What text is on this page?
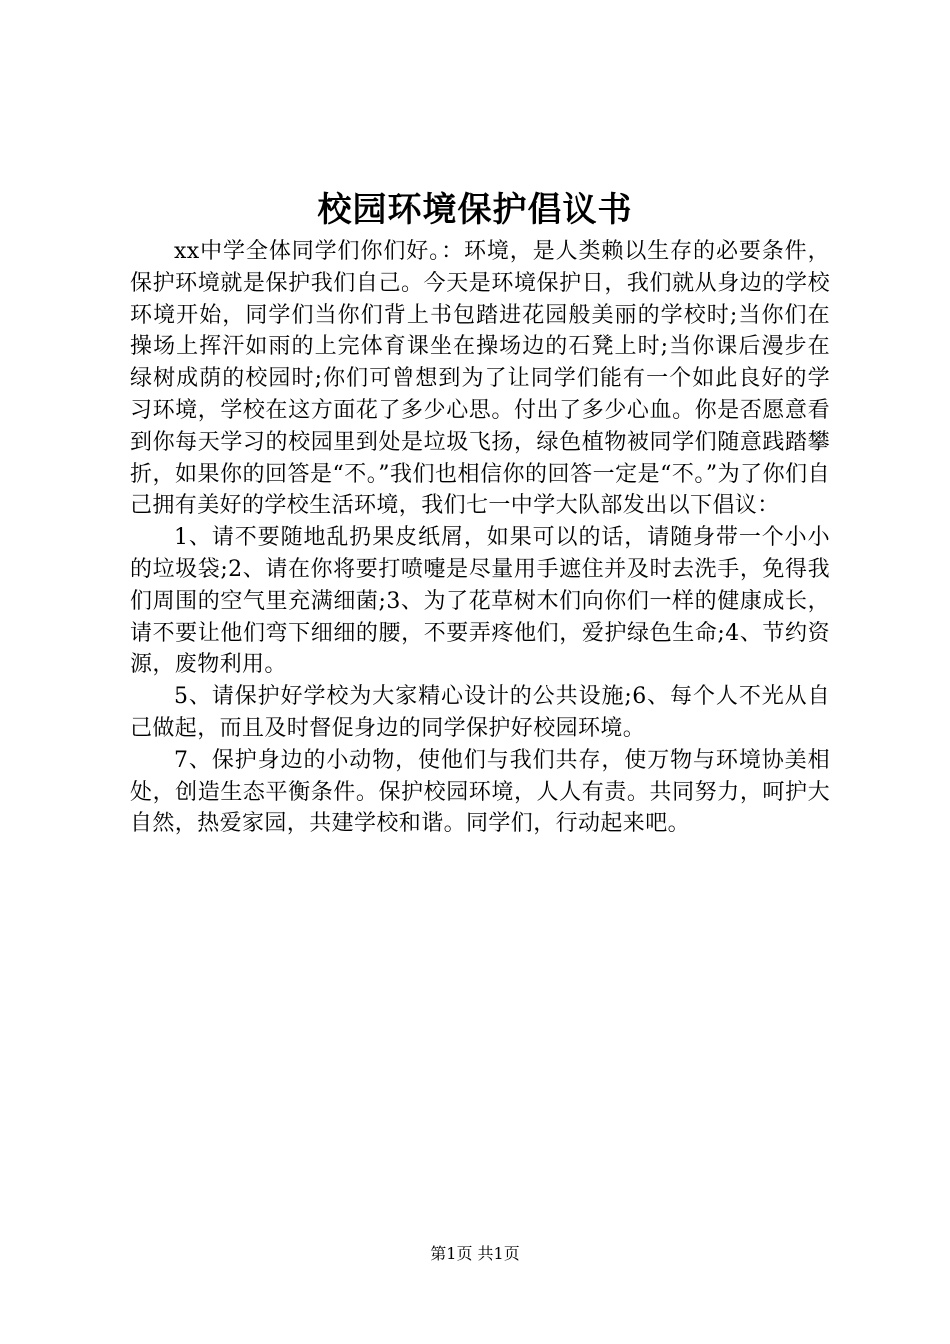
校园环境保护倡议书

xx中学全体同学们你们好。：环境，是人类赖以生存的必要条件，保护环境就是保护我们自己。今天是环境保护日，我们就从身边的学校环境开始，同学们当你们背上书包踏进花园般美丽的学校时;当你们在操场上挥汗如雨的上完体育课坐在操场边的石凳上时;当你课后漫步在绿树成荫的校园时;你们可曾想到为了让同学们能有一个如此良好的学习环境，学校在这方面花了多少心思。付出了多少心血。你是否愿意看到你每天学习的校园里到处是垃圾飞扬，绿色植物被同学们随意践踏攀折，如果你的回答是“不。”我们也相信你的回答一定是“不。”为了你们自己拥有美好的学校生活环境，我们七一中学大队部发出以下倡议：

1、请不要随地乱扔果皮纸屑，如果可以的话，请随身带一个小小的垃圾袋;2、请在你将要打喷嚏是尽量用手遮住并及时去洗手，免得我们周围的空气里充满细菌;3、为了花草树木们向你们一样的健康成长，请不要让他们弯下细细的腰，不要弄疼他们，爱护绿色生命;4、节约资源，废物利用。

5、请保护好学校为大家精心设计的公共设施;6、每个人不光从自己做起，而且及时督促身边的同学保护好校园环境。

7、保护身边的小动物，使他们与我们共存，使万物与环境协美相处，创造生态平衡条件。保护校园环境，人人有责。共同努力，呵护大自然，热爱家园，共建学校和谐。同学们，行动起来吧。

第1页 共1页
